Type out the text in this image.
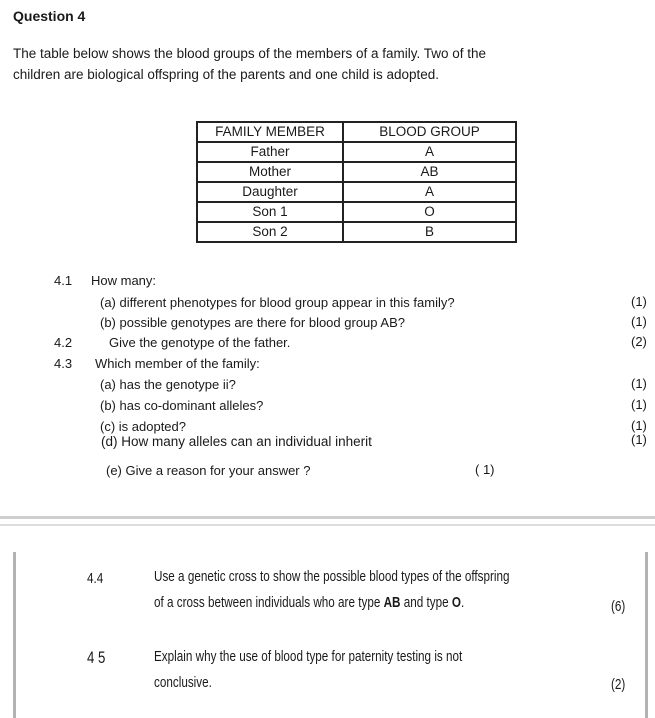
Question 4
The table below shows the blood groups of the members of a family. Two of the
children are biological offspring of the parents and one child is adopted.
FAMILY MEMBER	BLOOD GROUP
Father	A
Mother	AB
Daughter	A
Son 1	O
Son 2	B
4.1 How many:
(a) different phenotypes for blood group appear in this family?	(1)
(b) possible genotypes are there for blood group AB?	(1)
4.2	Give the genotype of the father.	(2)
4.3 Which member of the family:
(a) has the genotype ii?	(1)
(b) has co-dominant alleles?	(1)
(c) is adopted?	(1)
(d) How many alleles can an individual inherit	(1)
(e) Give a reason for your answer ?	( 1)
4.4	Use a genetic cross to show the possible blood types of the offspring
of a cross between individuals who are type AB and type O.	(6)
4 5	Explain why the use of blood type for paternity testing is not
conclusive.	(2)
